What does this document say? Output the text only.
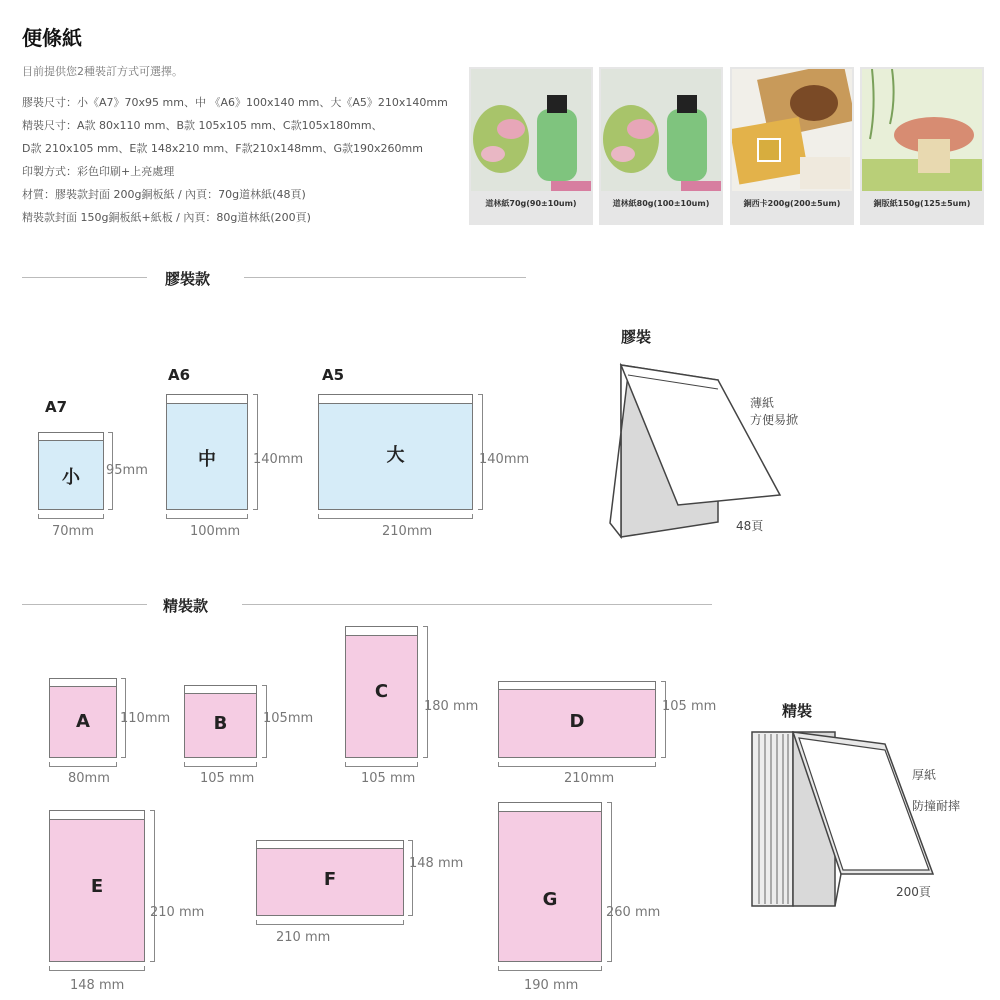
便條紙
目前提供您2種裝訂方式可選擇。
膠裝尺寸：小《A7》70x95 mm、中 《A6》100x140 mm、大《A5》210x140mm
精裝尺寸：A款 80x110 mm、B款 105x105 mm、C款105x180mm、
D款 210x105 mm、E款 148x210 mm、F款210x148mm、G款190x260mm
印製方式：彩色印刷+上亮處理
材質：膠裝款封面 200g銅板紙 / 內頁：70g道林紙(48頁)
精裝款封面 150g銅板紙+紙板 / 內頁：80g道林紙(200頁)
道林紙70g(90±10um)	道林紙80g(100±10um)	銅西卡200g(200±5um)	銅版紙150g(125±5um)
膠裝款
A7
小	95mm
70mm
A6
中	140mm
100mm
A5
大	140mm
210mm
膠裝
薄紙
方便易掀
48頁
精裝款
A	110mm
80mm
B	105mm
105 mm
C
180 mm
105 mm
D
105 mm
210mm
E
210 mm
148 mm
F
148 mm
210 mm
G
260 mm
190 mm
精裝
厚紙
防撞耐摔
200頁
